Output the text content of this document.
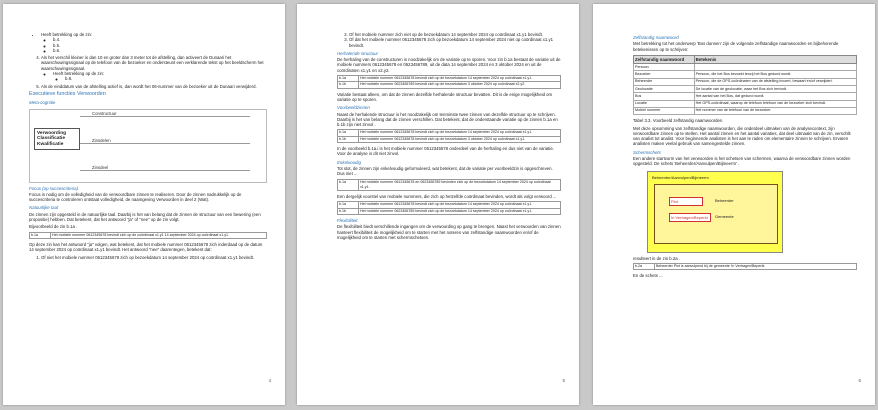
• Heeft betrekking op de zin:
◦ b.4.
◦ b.5.
◦ b.6.
4. Als het verschil kleiner is dan 10 en groter dan 3 meter tot de afstelling, dan activeert de Dunaari het waarschuwingssignaal op de telefoon van de bezoeker en ondersteunt een verklarende tekst op het beeldscherm het waarschuwingssignaal.
◦ Heeft betrekking op de zin:
◦ b.8.
5. Als de einddatum van de afstelling actief is, dan wordt het 06-nummer van de bezoeker uit de Dunaari verwijderd.
Executieve functies Verwoorden
Meta-cognitie
Verwoording Classificatie Kwalificatie
Constructuur
Zinsdelen
Zinsdeel
Focus (op succescriteria)

Focus is nodig om de volledigheid van de verwoordbare zinnen te realiseren. Door de zinnen nadrukkelijk op de succescriteria te controleren ontstaat volledigheid, de naamgeving Verwoorden in deel 2 (Wat).

Natuurlijke taal

De zinnen zijn opgesteld in de natuurlijke taal. Daarbij is het van belang dat de zinnen de structuur van een bewering (een propositie) hebben. Dat betekent, dat het antwoord "ja" of "nee" op de zin volgt.

Bijvoorbeeld de zin b.1a .

b.1a	Het mobiele nummer 0612345678 bevindt zich op de coördinaat x1.y1 14 september 2024 op coördinaat x1.y1.

Op deze zin kan het antwoord "ja" volgen, wat betekent, dat het mobiele nummer 0612345678 zich inderdaad op de datum 14 september 2024 op coördinaat x1.y1 bevindt. Het antwoord "nee" daarentegen, betekent dat:

1. Of niet het mobiele nummer 0612345678 zich op bezoekdatum 14 september 2024 op coördinaat x1.y1 bevindt.
4
2. Of het mobiele nummer zich niet op de bezoekdatum 14 september 2024 op coördinaat x1.y1 bevindt.
3. Of dat het mobiele nummer 0612345678 zich op bezoekdatum 14 september 2024 niet op coördinaat x1.y1 bevindt.
Herhalende structuur

De herhaling van de constructuren is noodzakelijk om de variatie op te sporen. Voor zin b.1a bestaat de variatie uit de mobiele nummers 0612345678 en 0623456789, uit de data 14 september 2024 en 3 oktober 2024 en uit de coördinaten x1.y1 en x2.y2.

b.1a	Het mobiele nummer 0612345678 bevindt zich op de bezoekdatum 14 september 2024 op coördinaat x1.y1.
b.1b	Het mobiele nummer 0623456789 bevindt zich op de bezoekdatum 3 oktober 2024 op coördinaat x2.y2.

Variatie bestaat alleen, om dat de zinnen dezelfde herhalende structuur bevatten. Dit is de enige mogelijkheid om variatie op te sporen.

Voorbeeldzinnen

Naast de herhalende structuur is het noodzakelijk om tenminste twee zinnen van dezelfde structuur op te schrijven. Daarbij is het van belang dat de zinnen verschillen. Dat betekent, dat de onderstaande variatie op de zinnen b.1a en b.1b zijn niet zinvol .

b.1a	Het mobiele nummer 0612345678 bevindt zich op de bezoekdatum 14 september 2024 op coördinaat x1.y1.
b.1b	Het mobiele nummer 0612345678 bevindt zich op de bezoekdatum 3 oktober 2024 op coördinaat x1.y1.

In de voorbeeld b.1a.i is het mobiele nummer 0612345678 onderdeel van de herhaling en dus niet van de variatie. Voor de analyse is dit niet zinvol.

Enkelvoudig

Tot slot, de zinnen zijn enkelvoudig geformuleerd, wat betekent, dat de variatie per voorbeeldzin is opgeschreven. Dus niet ...

b.1a	Het mobiele nummer 0612345678 en 0623456789 bevinden zich op de bezoekdatum 14 september 2024 op coördinaat x1.y1.

Een dergelijk voorstel van mobiele nummers, die zich op hetzelfde coördinaat bevinden, wordt als volgt verwoord ...

b.1a	Het mobiele nummer 0612345678 bevindt zich op de bezoekdatum 14 september 2024 op coördinaat x1.y1.
b.1b	Het mobiele nummer 0623456789 bevindt zich op de bezoekdatum 14 september 2024 op coördinaat x1.y1.
Flexibiliteit

De flexibiliteit biedt verschillende ingangen om de verwoording op gang te brengen. Naast het verwoorden van zinnen hanteert flexibiliteit de mogelijkheid om te starten met het noteren van zelfstandige naamwoorden en/of de mogelijkheid om te starten met schermschetsen.

5
Zelfstandig naamwoord

Met betrekking tot het onderwerp 'Bos dunnen' zijn de volgende zelfstandige naamwoorden en bijbehorende betekenissen op te schrijven:

Zelfstandig naamwoord	Betekenis
Persoon	
Bezoeker	Persoon, die het Bos bezoekt tenzij het Bos gedund wordt.
Beheerder	Persoon, die de GPS-coördinaten van de afstelling invoert, bewaart en/of verwijdert.
Geolocatie	De locatie van de geolocatie, waar het Bos zich bevindt.
Bos	Het aantal van het Bos, dat gedund wordt.
Locatie	Het GPS-coördinaat, waarop de telefoon telefoon van de bezoeker zich bevindt.
Mobiel nummer	Het nummer van de telefoon van de bezoeker.

Tabel 3.3. Voorbeeld zelfstandig naamwoorden

Met deze opsomming van zelfstandige naamwoorden, die onderdeel uitmaken van de analysecontext, zijn verwoordbare zinnen op te stellen. Het aantal zinnen en het aantal variaties, dat deel uitmaakt van de zin, verschilt van analist tot analist. Voor beginnende analisten is het aan te raden om elementaire zinnen te schrijven. Ervaren analisten maken veelal gebruik van samengestelde zinnen.

Schermschets

Een andere startvorm van het verwoorden is het schetsen van schermen, waarna de verwoordbare zinnen worden opgesteld. De schets 'Beheerder/Aanvulpen/Bijmeerm' .

Beheerder/Aanvulpen/Bijmeerm
Plot	Beheerder
In Vertragen/Beperkt	Gemeente

resulteert in de zin b.2a .

b.2a	Beheerder Plot is aanvulpend bij de gemeente 'In Vertragen/Beperkt.

En de schets ...

6
